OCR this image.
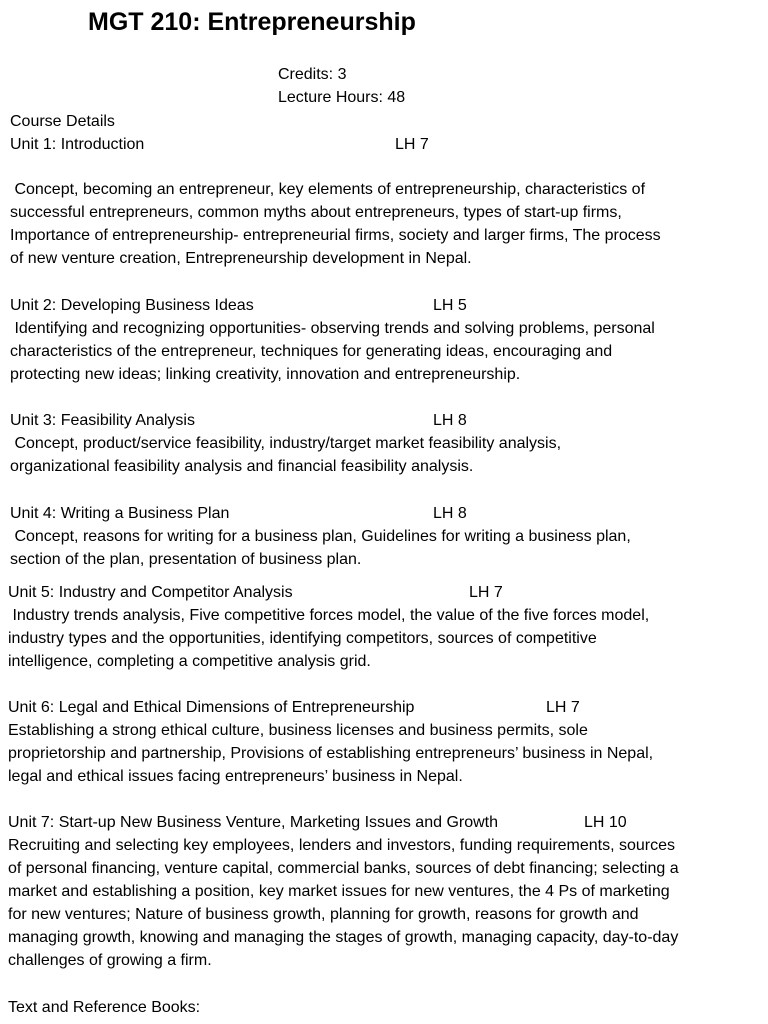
MGT 210: Entrepreneurship
Credits: 3
Lecture Hours: 48
Course Details
Unit 1: Introduction	LH 7
Concept, becoming an entrepreneur, key elements of entrepreneurship, characteristics of
successful entrepreneurs, common myths about entrepreneurs, types of start-up firms,
Importance of entrepreneurship- entrepreneurial firms, society and larger firms, The process
of new venture creation, Entrepreneurship development in Nepal.
Unit 2: Developing Business Ideas	LH 5
Identifying and recognizing opportunities- observing trends and solving problems, personal
characteristics of the entrepreneur, techniques for generating ideas, encouraging and
protecting new ideas; linking creativity, innovation and entrepreneurship.
Unit 3: Feasibility Analysis	LH 8
Concept, product/service feasibility, industry/target market feasibility analysis,
organizational feasibility analysis and financial feasibility analysis.
Unit 4: Writing a Business Plan	LH 8
Concept, reasons for writing for a business plan, Guidelines for writing a business plan,
section of the plan, presentation of business plan.
Unit 5: Industry and Competitor Analysis	LH 7
Industry trends analysis, Five competitive forces model, the value of the five forces model,
industry types and the opportunities, identifying competitors, sources of competitive
intelligence, completing a competitive analysis grid.
Unit 6: Legal and Ethical Dimensions of Entrepreneurship	LH 7
Establishing a strong ethical culture, business licenses and business permits, sole
proprietorship and partnership, Provisions of establishing entrepreneurs’ business in Nepal,
legal and ethical issues facing entrepreneurs’ business in Nepal.
Unit 7: Start-up New Business Venture, Marketing Issues and Growth	LH 10
Recruiting and selecting key employees, lenders and investors, funding requirements, sources
of personal financing, venture capital, commercial banks, sources of debt financing; selecting a
market and establishing a position, key market issues for new ventures, the 4 Ps of marketing
for new ventures; Nature of business growth, planning for growth, reasons for growth and
managing growth, knowing and managing the stages of growth, managing capacity, day-to-day
challenges of growing a firm.
Text and Reference Books:
